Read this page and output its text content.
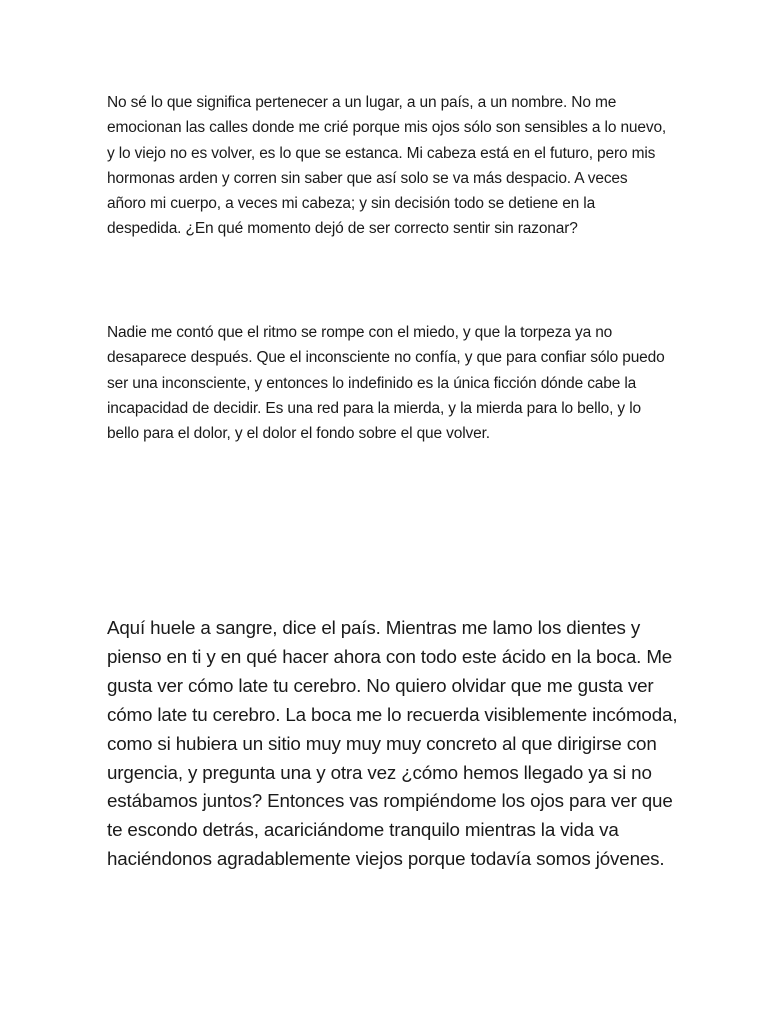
No sé lo que significa pertenecer a un lugar, a un país, a un nombre. No me emocionan las calles donde me crié porque mis ojos sólo son sensibles a lo nuevo, y lo viejo no es volver, es lo que se estanca. Mi cabeza está en el futuro, pero mis hormonas arden y corren sin saber que así solo se va más despacio. A veces añoro mi cuerpo, a veces mi cabeza; y sin decisión todo se detiene en la despedida. ¿En qué momento dejó de ser correcto sentir sin razonar?

Nadie me contó que el ritmo se rompe con el miedo, y que la torpeza ya no desaparece después. Que el inconsciente no confía, y que para confiar sólo puedo ser una inconsciente, y entonces lo indefinido es la única ficción dónde cabe la incapacidad de decidir. Es una red para la mierda, y la mierda para lo bello, y lo bello para el dolor, y el dolor el fondo sobre el que volver.

Aquí huele a sangre, dice el país. Mientras me lamo los dientes y pienso en ti y en qué hacer ahora con todo este ácido en la boca. Me gusta ver cómo late tu cerebro. No quiero olvidar que me gusta ver cómo late tu cerebro. La boca me lo recuerda visiblemente incómoda, como si hubiera un sitio muy muy muy concreto al que dirigirse con urgencia, y pregunta una y otra vez ¿cómo hemos llegado ya si no estábamos juntos? Entonces vas rompiéndome los ojos para ver que te escondo detrás, acariciándome tranquilo mientras la vida va haciéndonos agradablemente viejos porque todavía somos jóvenes.
